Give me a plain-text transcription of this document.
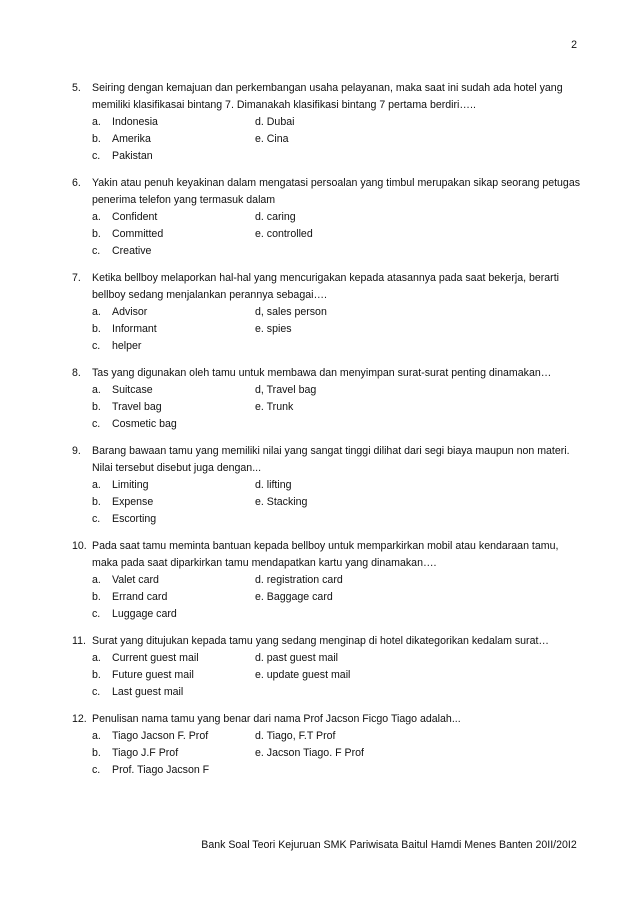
2
5.	Seiring dengan kemajuan dan perkembangan usaha pelayanan, maka saat ini sudah ada hotel yang memiliki klasifikasai bintang 7. Dimanakah klasifikasi bintang 7 pertama berdiri…..
a.	Indonesia	d. Dubai
b.	Amerika	e. Cina
c.	Pakistan
6.	Yakin atau penuh keyakinan dalam mengatasi persoalan yang timbul merupakan sikap seorang petugas penerima telefon yang termasuk dalam
a.	Confident	d. caring
b.	Committed	e. controlled
c.	Creative
7.	Ketika bellboy melaporkan hal-hal yang mencurigakan kepada atasannya pada saat bekerja, berarti bellboy sedang menjalankan perannya sebagai….
a.	Advisor	d, sales person
b.	Informant	e. spies
c.	helper
8.	Tas yang digunakan oleh tamu untuk membawa dan menyimpan surat-surat penting dinamakan…
a.	Suitcase	d, Travel bag
b.	Travel bag	e. Trunk
c.	Cosmetic bag
9.	Barang bawaan tamu yang memiliki nilai yang sangat tinggi dilihat dari segi biaya maupun non materi. Nilai tersebut disebut juga dengan...
a.	Limiting	d. lifting
b.	Expense	e. Stacking
c.	Escorting
10. Pada saat tamu meminta bantuan kepada bellboy untuk memparkirkan mobil atau kendaraan tamu, maka pada saat diparkirkan tamu mendapatkan kartu yang dinamakan….
a.	Valet card	d. registration card
b.	Errand card	e. Baggage card
c.	Luggage card
11. Surat yang ditujukan kepada tamu yang sedang menginap di hotel dikategorikan kedalam surat…
a.	Current guest mail	d. past guest mail
b.	Future guest mail	e. update guest mail
c.	Last guest mail
12. Penulisan nama tamu yang benar dari nama Prof Jacson Ficgo Tiago adalah...
a.	Tiago Jacson F. Prof	d. Tiago, F.T Prof
b.	Tiago J.F Prof	e. Jacson Tiago. F Prof
c.	Prof. Tiago Jacson F
Bank Soal Teori Kejuruan SMK Pariwisata Baitul Hamdi Menes Banten 20II/20I2
